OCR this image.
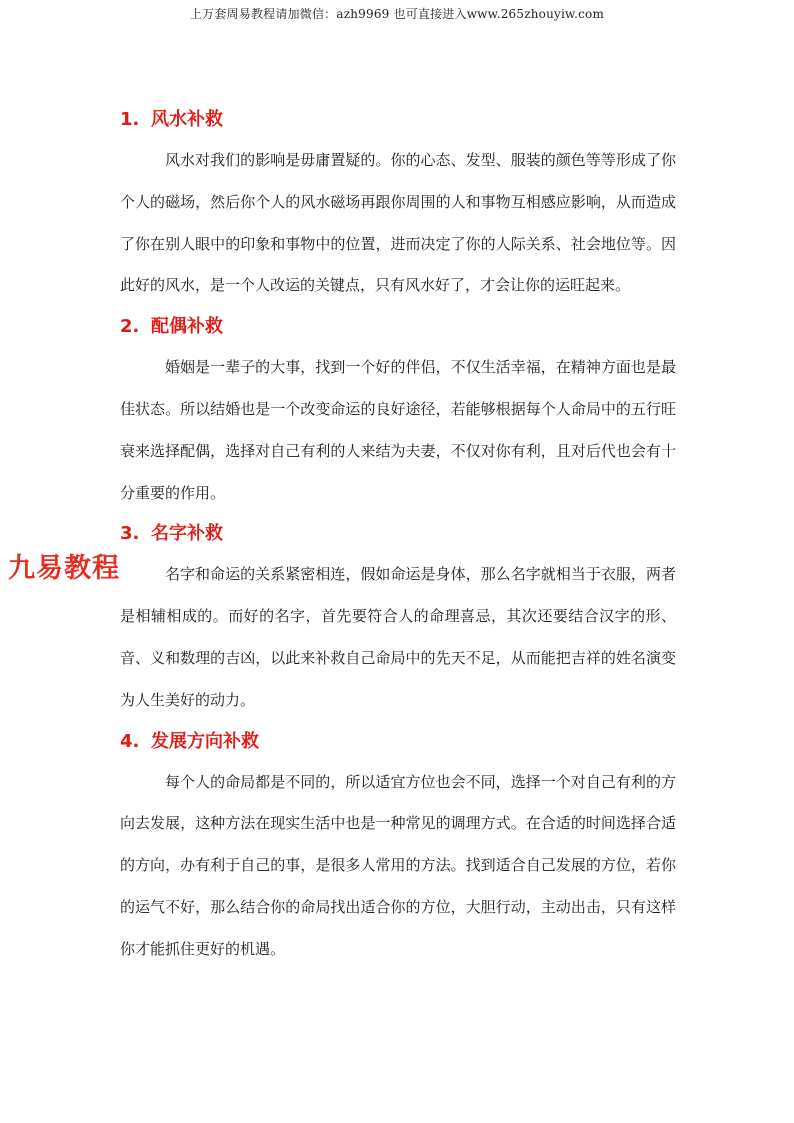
上万套周易教程请加微信：azh9969 也可直接进入www.265zhouyiw.com
1. 风水补救

风水对我们的影响是毋庸置疑的。你的心态、发型、服装的颜色等等形成了你个人的磁场，然后你个人的风水磁场再跟你周围的人和事物互相感应影响，从而造成了你在别人眼中的印象和事物中的位置，进而决定了你的人际关系、社会地位等。因此好的风水，是一个人改运的关键点，只有风水好了，才会让你的运旺起来。

2. 配偶补救

婚姻是一辈子的大事，找到一个好的伴侣，不仅生活幸福，在精神方面也是最佳状态。所以结婚也是一个改变命运的良好途径，若能够根据每个人命局中的五行旺衰来选择配偶，选择对自己有利的人来结为夫妻，不仅对你有利，且对后代也会有十分重要的作用。

3. 名字补救

名字和命运的关系紧密相连，假如命运是身体，那么名字就相当于衣服，两者是相辅相成的。而好的名字，首先要符合人的命理喜忌，其次还要结合汉字的形、音、义和数理的吉凶，以此来补救自己命局中的先天不足，从而能把吉祥的姓名演变为人生美好的动力。

4. 发展方向补救

每个人的命局都是不同的，所以适宜方位也会不同，选择一个对自己有利的方向去发展，这种方法在现实生活中也是一种常见的调理方式。在合适的时间选择合适的方向，办有利于自己的事，是很多人常用的方法。找到适合自己发展的方位，若你的运气不好，那么结合你的命局找出适合你的方位，大胆行动，主动出击，只有这样你才能抓住更好的机遇。

九易教程
